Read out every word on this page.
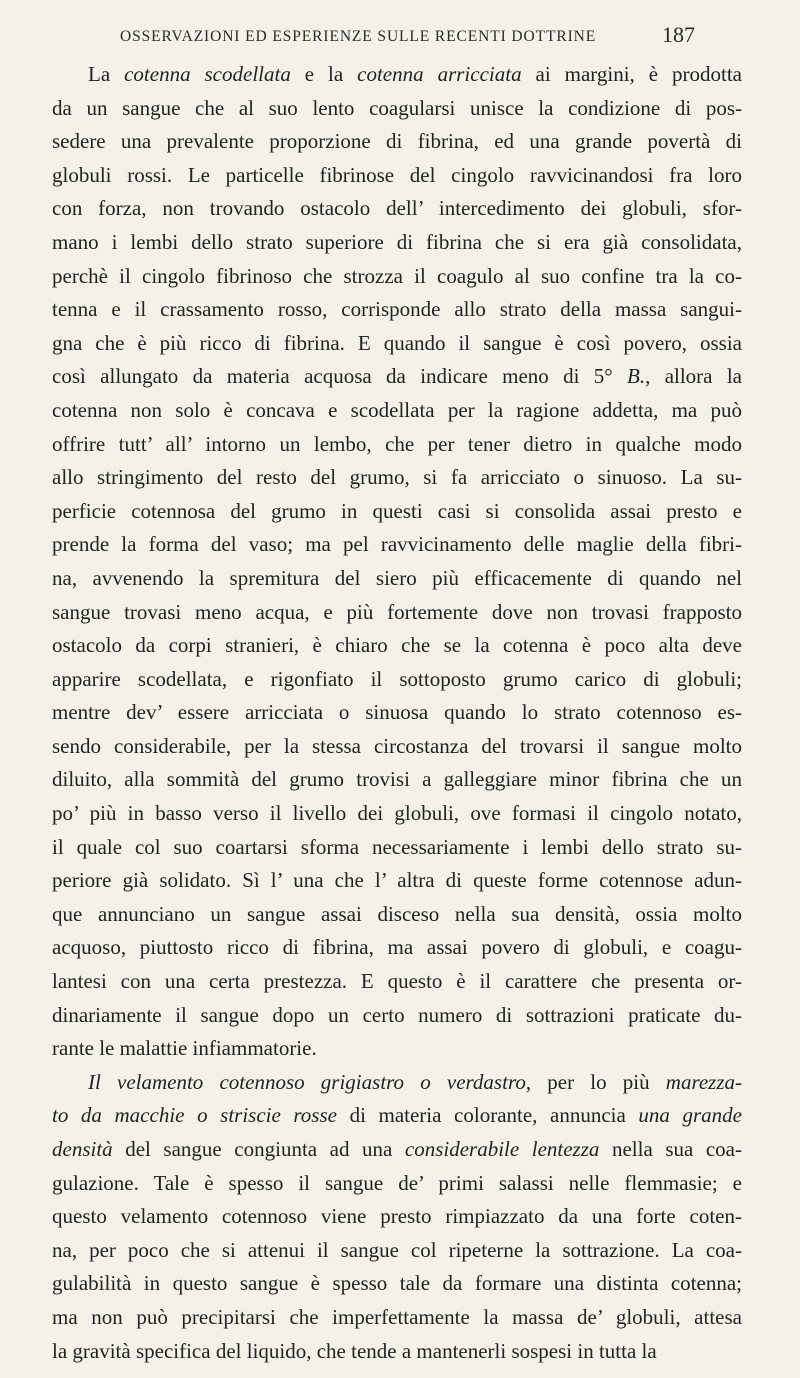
OSSERVAZIONI ED ESPERIENZE SULLE RECENTI DOTTRINE	187
La cotenna scodellata e la cotenna arricciata ai margini, è prodotta
da un sangue che al suo lento coagularsi unisce la condizione di pos-
sedere una prevalente proporzione di fibrina, ed una grande povertà di
globuli rossi. Le particelle fibrinose del cingolo ravvicinandosi fra loro
con forza, non trovando ostacolo dell’ intercedimento dei globuli, sfor-
mano i lembi dello strato superiore di fibrina che si era già consolidata,
perchè il cingolo fibrinoso che strozza il coagulo al suo confine tra la co-
tenna e il crassamento rosso, corrisponde allo strato della massa sangui-
gna che è più ricco di fibrina. E quando il sangue è così povero, ossia
così allungato da materia acquosa da indicare meno di 5° B., allora la
cotenna non solo è concava e scodellata per la ragione addetta, ma può
offrire tutt’ all’ intorno un lembo, che per tener dietro in qualche modo
allo stringimento del resto del grumo, si fa arricciato o sinuoso. La su-
perficie cotennosa del grumo in questi casi si consolida assai presto e
prende la forma del vaso; ma pel ravvicinamento delle maglie della fibri-
na, avvenendo la spremitura del siero più efficacemente di quando nel
sangue trovasi meno acqua, e più fortemente dove non trovasi frapposto
ostacolo da corpi stranieri, è chiaro che se la cotenna è poco alta deve
apparire scodellata, e rigonfiato il sottoposto grumo carico di globuli;
mentre dev’ essere arricciata o sinuosa quando lo strato cotennoso es-
sendo considerabile, per la stessa circostanza del trovarsi il sangue molto
diluito, alla sommità del grumo trovisi a galleggiare minor fibrina che un
po’ più in basso verso il livello dei globuli, ove formasi il cingolo notato,
il quale col suo coartarsi sforma necessariamente i lembi dello strato su-
periore già solidato. Sì l’ una che l’ altra di queste forme cotennose adun-
que annunciano un sangue assai disceso nella sua densità, ossia molto
acquoso, piuttosto ricco di fibrina, ma assai povero di globuli, e coagu-
lantesi con una certa prestezza. E questo è il carattere che presenta or-
dinariamente il sangue dopo un certo numero di sottrazioni praticate du-
rante le malattie infiammatorie.
Il velamento cotennoso grigiastro o verdastro, per lo più marezza-
to da macchie o striscie rosse di materia colorante, annuncia una grande
densità del sangue congiunta ad una considerabile lentezza nella sua coa-
gulazione. Tale è spesso il sangue de’ primi salassi nelle flemmasie; e
questo velamento cotennoso viene presto rimpiazzato da una forte coten-
na, per poco che si attenui il sangue col ripeterne la sottrazione. La coa-
gulabilità in questo sangue è spesso tale da formare una distinta cotenna;
ma non può precipitarsi che imperfettamente la massa de’ globuli, attesa
la gravità specifica del liquido, che tende a mantenerli sospesi in tutta la
